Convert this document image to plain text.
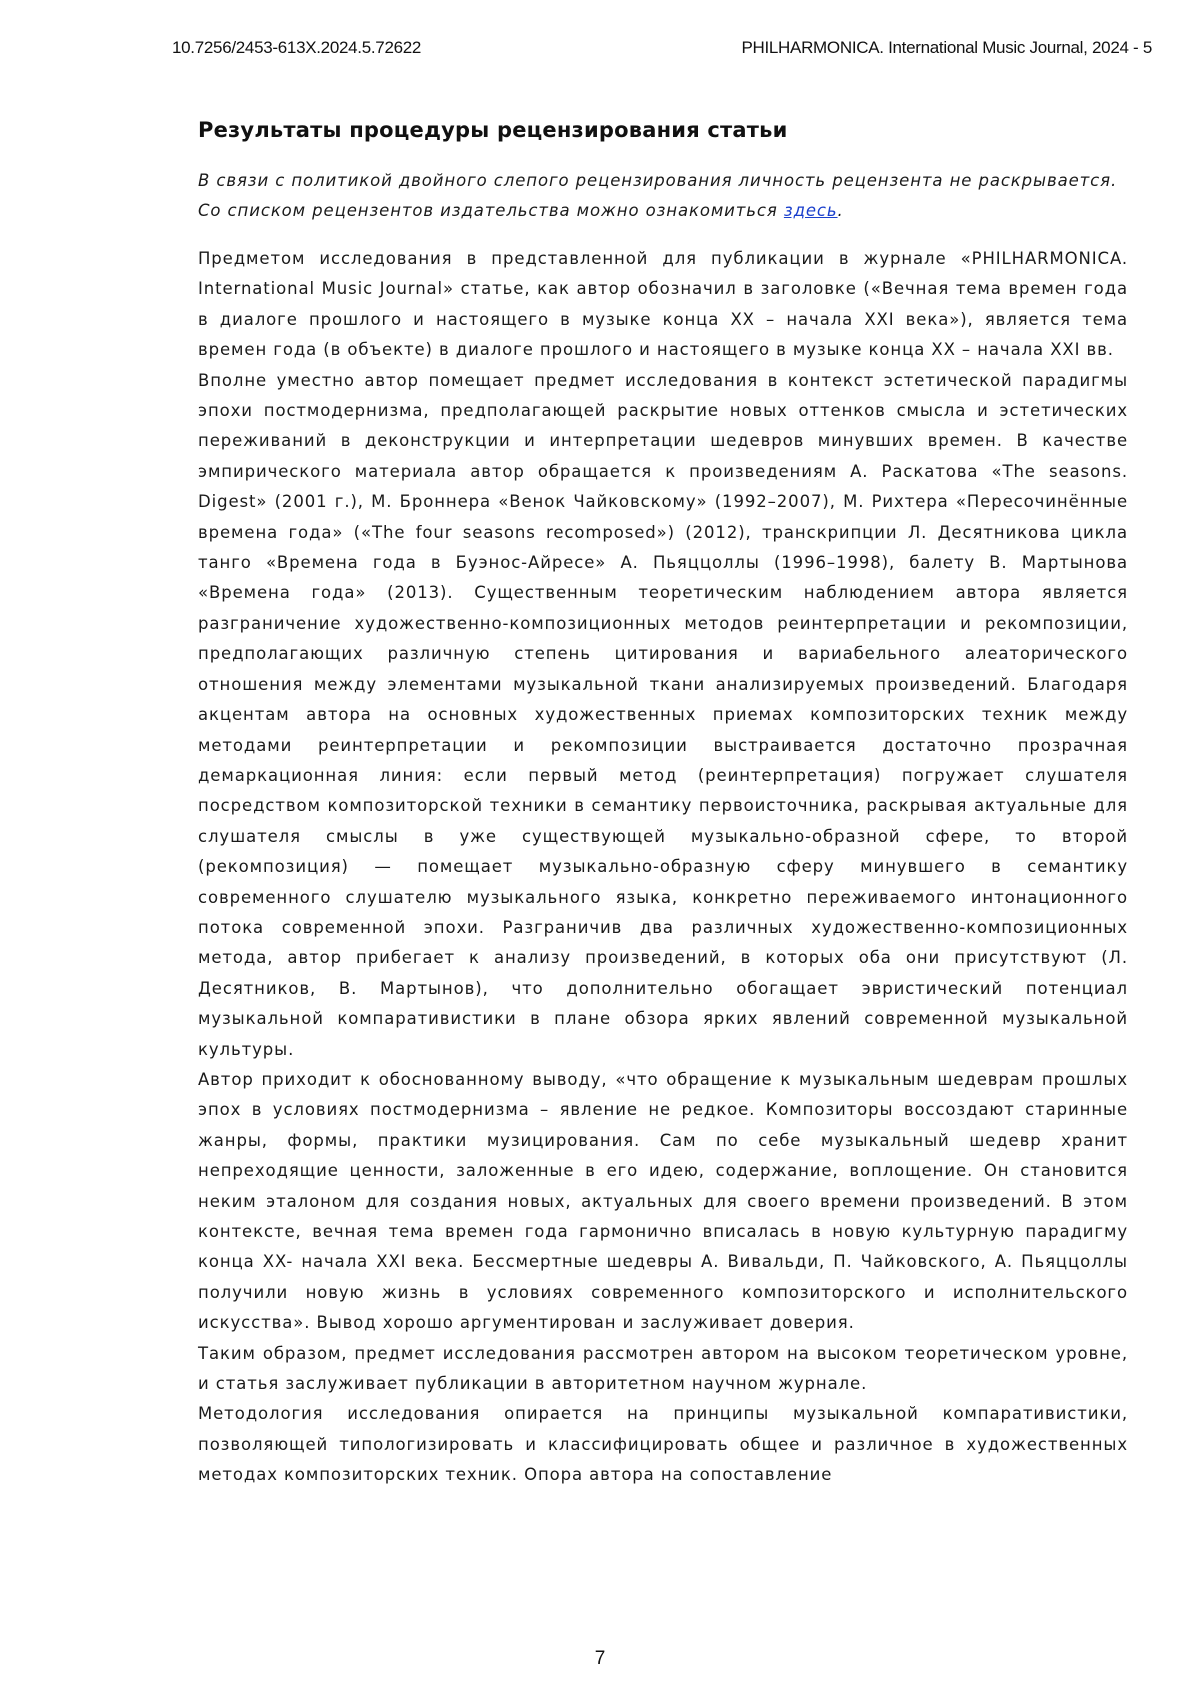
10.7256/2453-613X.2024.5.72622	PHILHARMONICA. International Music Journal, 2024 - 5
Результаты процедуры рецензирования статьи

В связи с политикой двойного слепого рецензирования личность рецензента не раскрывается.

Со списком рецензентов издательства можно ознакомиться здесь.

Предметом исследования в представленной для публикации в журнале «PHILHARMONICA. International Music Journal» статье, как автор обозначил в заголовке («Вечная тема времен года в диалоге прошлого и настоящего в музыке конца XX – начала XXI века»), является тема времен года (в объекте) в диалоге прошлого и настоящего в музыке конца XX – начала XXI вв.

Вполне уместно автор помещает предмет исследования в контекст эстетической парадигмы эпохи постмодернизма, предполагающей раскрытие новых оттенков смысла и эстетических переживаний в деконструкции и интерпретации шедевров минувших времен. В качестве эмпирического материала автор обращается к произведениям А. Раскатова «The seasons. Digest» (2001 г.), М. Броннера «Венок Чайковскому» (1992–2007), М. Рихтера «Пересочинённые времена года» («The four seasons recomposed») (2012), транскрипции Л. Десятникова цикла танго «Времена года в Буэнос-Айресе» А. Пьяццоллы (1996–1998), балету В. Мартынова «Времена года» (2013). Существенным теоретическим наблюдением автора является разграничение художественно-композиционных методов реинтерпретации и рекомпозиции, предполагающих различную степень цитирования и вариабельного алеаторического отношения между элементами музыкальной ткани анализируемых произведений. Благодаря акцентам автора на основных художественных приемах композиторских техник между методами реинтерпретации и рекомпозиции выстраивается достаточно прозрачная демаркационная линия: если первый метод (реинтерпретация) погружает слушателя посредством композиторской техники в семантику первоисточника, раскрывая актуальные для слушателя смыслы в уже существующей музыкально-образной сфере, то второй (рекомпозиция) — помещает музыкально-образную сферу минувшего в семантику современного слушателю музыкального языка, конкретно переживаемого интонационного потока современной эпохи. Разграничив два различных художественно-композиционных метода, автор прибегает к анализу произведений, в которых оба они присутствуют (Л. Десятников, В. Мартынов), что дополнительно обогащает эвристический потенциал музыкальной компаративистики в плане обзора ярких явлений современной музыкальной культуры.

Автор приходит к обоснованному выводу, «что обращение к музыкальным шедеврам прошлых эпох в условиях постмодернизма – явление не редкое. Композиторы воссоздают старинные жанры, формы, практики музицирования. Сам по себе музыкальный шедевр хранит непреходящие ценности, заложенные в его идею, содержание, воплощение. Он становится неким эталоном для создания новых, актуальных для своего времени произведений. В этом контексте, вечная тема времен года гармонично вписалась в новую культурную парадигму конца XX- начала XXI века. Бессмертные шедевры А. Вивальди, П. Чайковского, А. Пьяццоллы получили новую жизнь в условиях современного композиторского и исполнительского искусства». Вывод хорошо аргументирован и заслуживает доверия.

Таким образом, предмет исследования рассмотрен автором на высоком теоретическом уровне, и статья заслуживает публикации в авторитетном научном журнале.

Методология исследования опирается на принципы музыкальной компаративистики, позволяющей типологизировать и классифицировать общее и различное в художественных методах композиторских техник. Опора автора на сопоставление

7
